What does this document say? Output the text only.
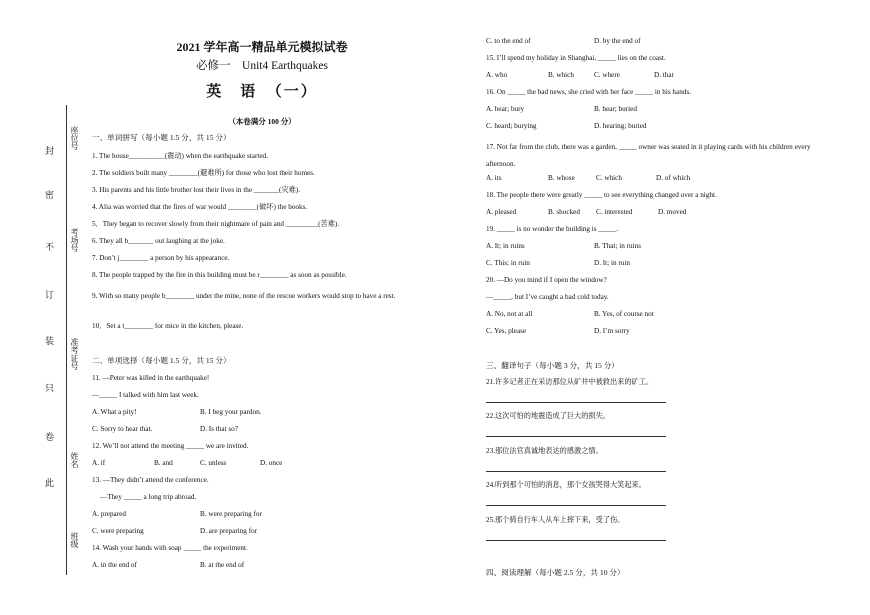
封
座位号
密
不 考场号
订
装 准考证号
只
卷
姓名
此
班级
2021 学年高一精品单元模拟试卷
必修一　Unit4 Earthquakes
英　语　（一）
（本卷满分 100 分）
一、单词拼写（每小题 1.5 分，共 15 分）
1. The house__________(震动) when the earthquake started.
2. The soldiers built many ________(避难所) for those who lost their homes.
3. His parents and his little brother lost their lives in the _______(灾难).
4. Alia was worried that the fires of war would ________(破坏) the books.
5．They began to recover slowly from their nightmare of pain and _________(苦难).
6. They all b_______ out laughing at the joke.
7. Don’t j________ a person by his appearance.
8. The people trapped by the fire in this building must be r________ as soon as possible.
9. With so many people b________ under the mine, none of the rescue workers would stop to have a rest.
10．Set a t________ for mice in the kitchen, please.
二、单项选择（每小题 1.5 分，共 15 分）
11. —Peter was killed in the earthquake!
—_____ I talked with him last week.
A. What a pity!	B. I beg your pardon.
C. Sorry to hear that.	D. Is that so?
12. We’ll not attend the meeting _____ we are invited.
A. if	B. and	C. unless	D. once
13. —They didn’t attend the conference.
—They _____ a long trip abroad.
A. prepared	B. were preparing for
C. were preparing	D. are preparing for
14. Wash your hands with soap _____ the experiment.
A. in the end of	B. at the end of
C. to the end of	D. by the end of
15. I’ll spend my holiday in Shanghai, _____ lies on the coast.
A. who	B. which	C. where	D. that
16. On _____ the bad news, she cried with her face _____ in his hands.
A. hear; bury	B. hear; buried
C. heard; burying	D. hearing; buried
17. Not far from the club, there was a garden, _____ owner was seated in it playing cards with his children every afternoon.
A. its	B. whose	C. which	D. of which
18. The people there were greatly _____ to see everything changed over a night.
A. pleased	B. shocked C. interested	D. moved
19. _____ is no wonder the building is _____.
A. It; in ruins	B. That; in ruins
C. This; in ruin	D. It; in ruin
20. —Do you mind if I open the window?
—_____, but I’ve caught a bad cold today.
A. No, not at all	B. Yes, of course not
C. Yes, please	D. I’m sorry
三、翻译句子（每小题 3 分，共 15 分）
21.许多记者正在采访那位从矿井中被救出来的矿工。
22.这次可怕的地震造成了巨大的损失。
23.那位法官真诚地表达的感激之情。
24.听到那个可怕的消息，那个女孩哭得大笑起来。
25.那个骑自行车人从车上摔下来，受了伤。
四、阅读理解（每小题 2.5 分，共 10 分）
